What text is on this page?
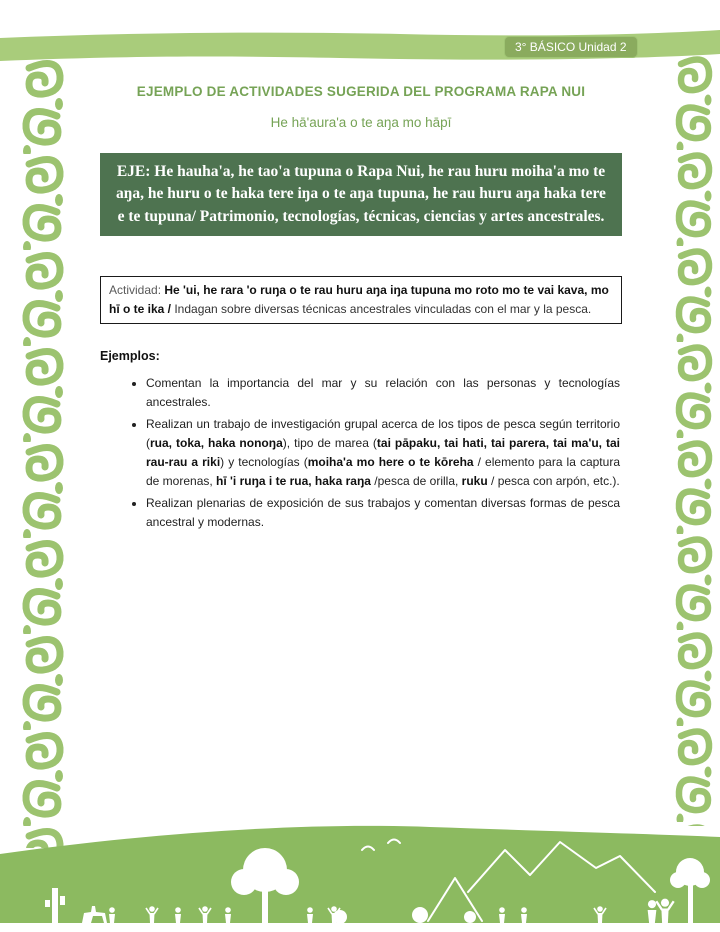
3° BÁSICO Unidad 2
EJEMPLO DE ACTIVIDADES SUGERIDA DEL PROGRAMA RAPA NUI
He hā'aura'a o te aŋa mo hāpī
EJE: He hauha'a, he tao'a tupuna o Rapa Nui, he rau huru moiha'a mo te aŋa, he huru o te haka tere iŋa o te aŋa tupuna, he rau huru aŋa haka tere e te tupuna/ Patrimonio, tecnologías, técnicas, ciencias y artes ancestrales.
Actividad: He 'ui, he rara 'o ruŋa o te rau huru aŋa iŋa tupuna mo roto mo te vai kava, mo hī o te ika / Indagan sobre diversas técnicas ancestrales vinculadas con el mar y la pesca.
Ejemplos:
• Comentan la importancia del mar y su relación con las personas y tecnologías ancestrales.
• Realizan un trabajo de investigación grupal acerca de los tipos de pesca según territorio (rua, toka, haka nonoŋa), tipo de marea (tai pāpaku, tai hati, tai parera, tai ma'u, tai rau-rau a riki) y tecnologías (moiha'a mo here o te kōreha / elemento para la captura de morenas, hī 'i ruŋa i te rua, haka raŋa /pesca de orilla, ruku / pesca con arpón, etc.).
• Realizan plenarias de exposición de sus trabajos y comentan diversas formas de pesca ancestral y modernas.
